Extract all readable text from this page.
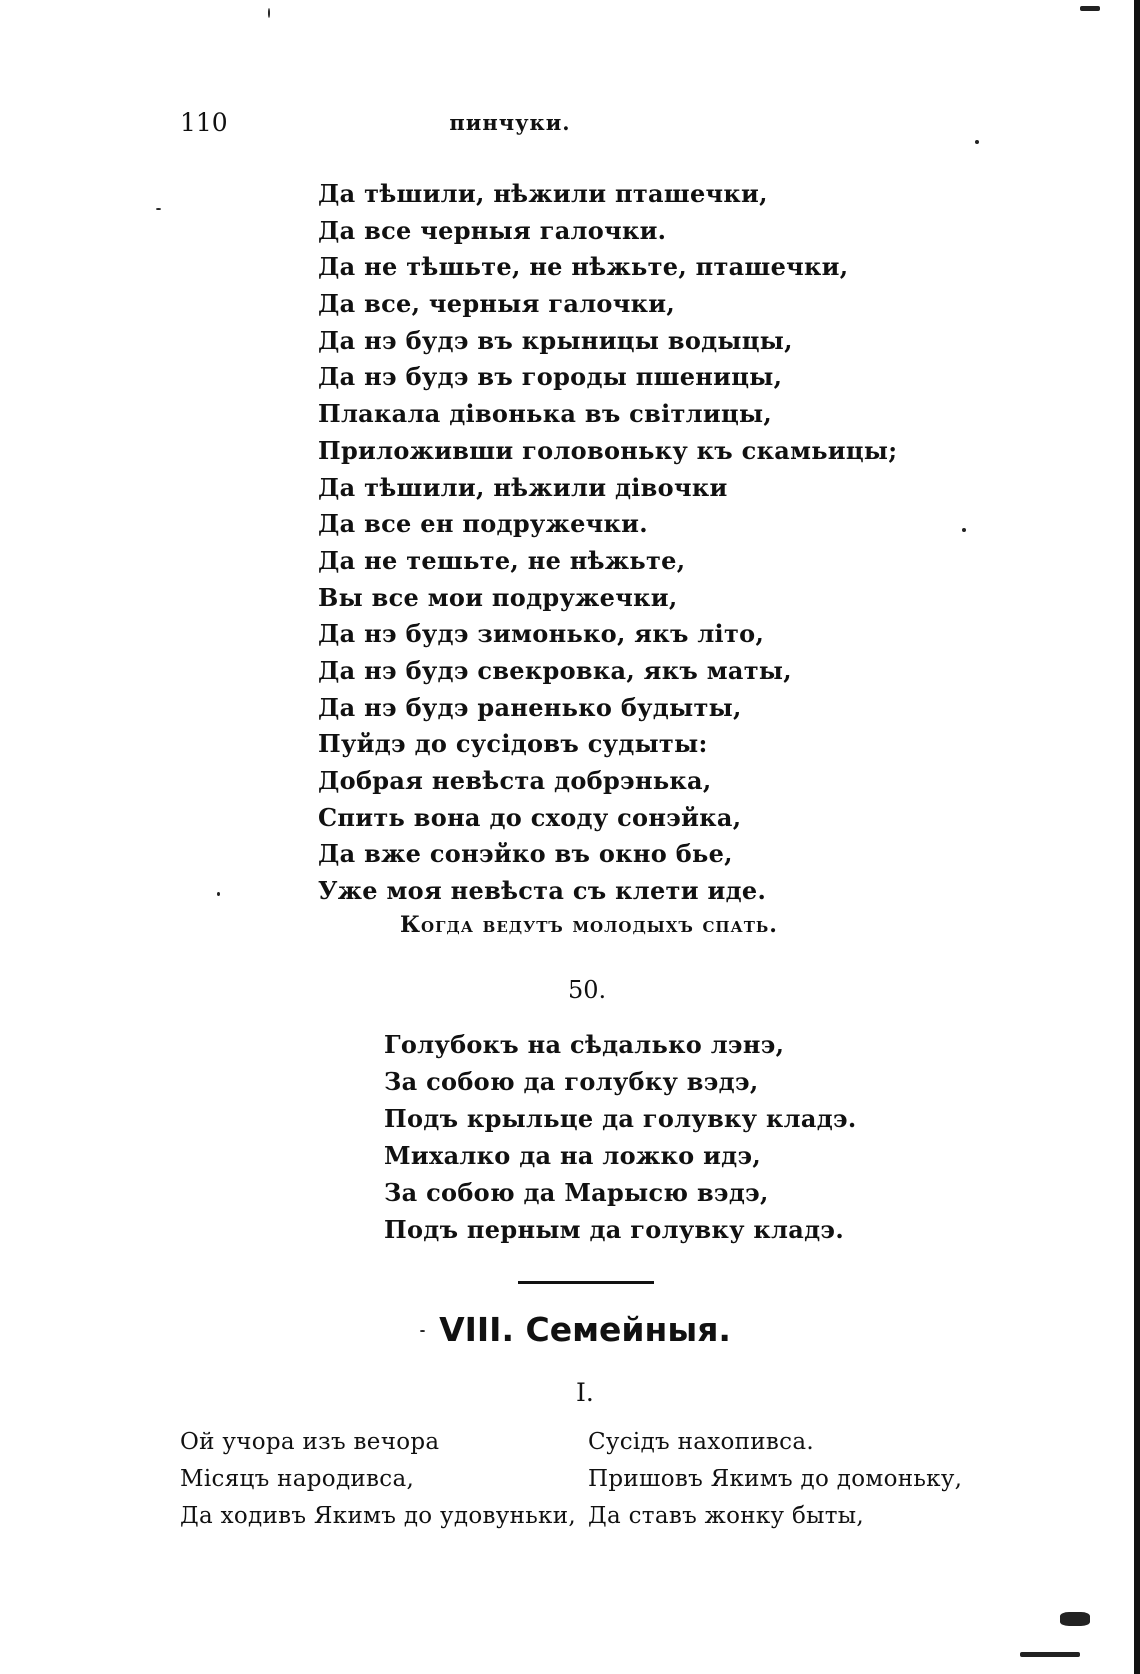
110	пинчуки.
Да тѣшили, нѣжили пташечки,
Да все черныя галочки.
Да не тѣшьте, не нѣжьте, пташечки,
Да все, черныя галочки,
Да нэ будэ въ крыницы водыцы,
Да нэ будэ въ городы пшеницы,
Плакала дiвонька въ свiтлицы,
Приложивши головоньку къ скамьицы;
Да тѣшили, нѣжили дiвочки
Да все ен подружечки.
Да не тешьте, не нѣжьте,
Вы все мои подружечки,
Да нэ будэ зимонько, якъ лiто,
Да нэ будэ свекровка, якъ маты,
Да нэ будэ раненько будыты,
Пуйдэ до сусiдовъ судыты:
Добрая невѣста добрэнька,
Спить вона до сходу сонэйка,
Да вже сонэйко въ окно бье,
Уже моя невѣста съ клети иде.
Когда ведутъ молодыхъ спать.
50.
Голубокъ на сѣдалько лэнэ,
За собою да голубку вэдэ,
Подъ крыльце да голувку кладэ.
Михалко да на ложко идэ,
За собою да Марысю вэдэ,
Подъ перным да голувку кладэ.
VIII. Семейныя.
I.
Ой учора изъ вечора
Мiсяцъ народивса,
Да ходивъ Якимъ до удовуньки,
Сусiдъ нахопивса.
Пришовъ Якимъ до домоньку,
Да ставъ жонку быты,
